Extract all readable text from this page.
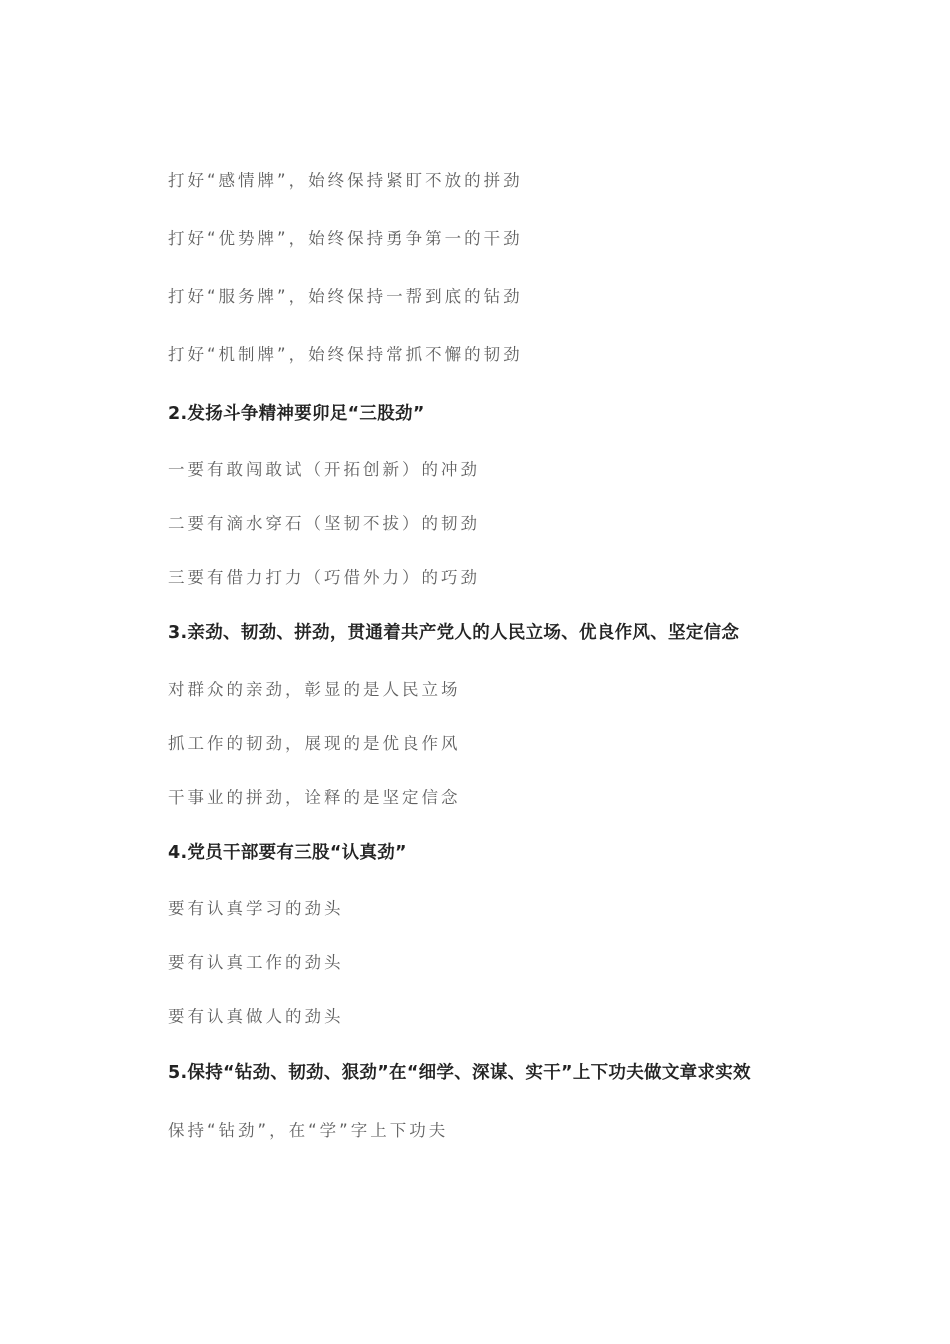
打好“感情牌”，始终保持紧盯不放的拼劲
打好“优势牌”，始终保持勇争第一的干劲
打好“服务牌”，始终保持一帮到底的钻劲
打好“机制牌”，始终保持常抓不懈的韧劲
2.发扬斗争精神要卯足“三股劲”
一要有敢闯敢试（开拓创新）的冲劲
二要有滴水穿石（坚韧不拔）的韧劲
三要有借力打力（巧借外力）的巧劲
3.亲劲、韧劲、拼劲，贯通着共产党人的人民立场、优良作风、坚定信念
对群众的亲劲，彰显的是人民立场
抓工作的韧劲，展现的是优良作风
干事业的拼劲，诠释的是坚定信念
4.党员干部要有三股“认真劲”
要有认真学习的劲头
要有认真工作的劲头
要有认真做人的劲头
5.保持“钻劲、韧劲、狠劲”在“细学、深谋、实干”上下功夫做文章求实效
保持“钻劲”，在“学”字上下功夫
